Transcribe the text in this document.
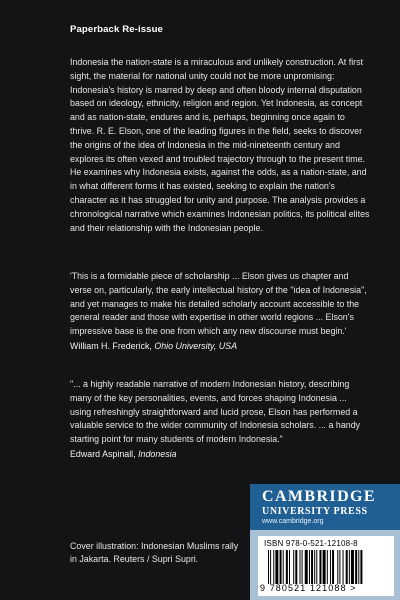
Paperback Re-issue

Indonesia the nation-state is a miraculous and unlikely construction. At first sight, the material for national unity could not be more unpromising: Indonesia's history is marred by deep and often bloody internal disputation based on ideology, ethnicity, religion and region. Yet Indonesia, as concept and as nation-state, endures and is, perhaps, beginning once again to thrive. R. E. Elson, one of the leading figures in the field, seeks to discover the origins of the idea of Indonesia in the mid-nineteenth century and explores its often vexed and troubled trajectory through to the present time. He examines why Indonesia exists, against the odds, as a nation-state, and in what different forms it has existed, seeking to explain the nation's character as it has struggled for unity and purpose. The analysis provides a chronological narrative which examines Indonesian politics, its political elites and their relationship with the Indonesian people.

'This is a formidable piece of scholarship ... Elson gives us chapter and verse on, particularly, the early intellectual history of the "idea of Indonesia", and yet manages to make his detailed scholarly account accessible to the general reader and those with expertise in other world regions ... Elson's impressive base is the one from which any new discourse must begin.'
William H. Frederick, Ohio University, USA

"... a highly readable narrative of modern Indonesian history, describing many of the key personalities, events, and forces shaping Indonesia ... using refreshingly straightforward and lucid prose, Elson has performed a valuable service to the wider community of Indonesia scholars. ... a handy starting point for many students of modern Indonesia."
Edward Aspinall, Indonesia

Cover illustration: Indonesian Muslims rally in Jakarta. Reuters / Supri Supri.

CAMBRIDGE
UNIVERSITY PRESS
www.cambridge.org
ISBN 978-0-521-12108-8
9 780521 121088 >
